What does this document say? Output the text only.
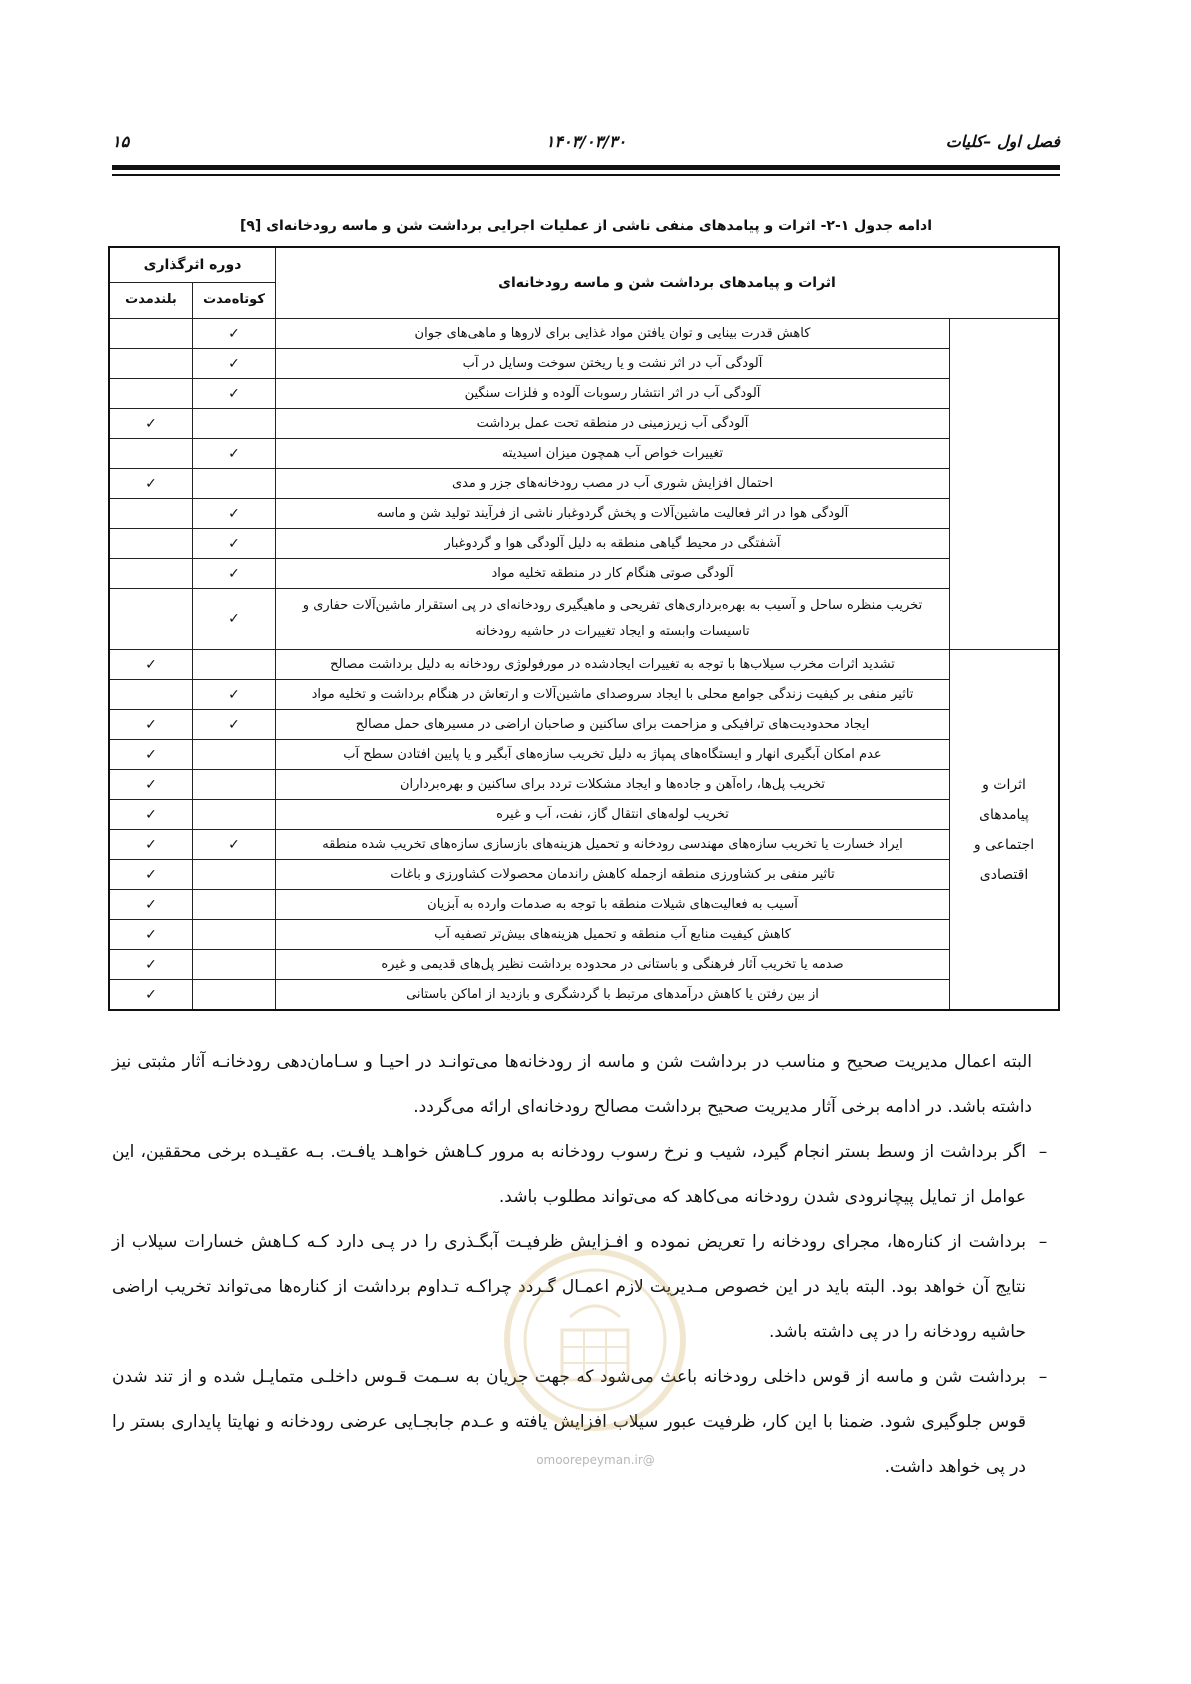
فصل اول –کلیات
۱۴۰۳/۰۳/۳۰
۱۵
ادامه جدول ۱-۲- اثرات و پیامدهای منفی ناشی از عملیات اجرایی برداشت شن و ماسه رودخانه‌ای [۹]
اثرات و پیامدهای برداشت شن و ماسه رودخانه‌ای		دوره اثرگذاری	
		کوتاه‌مدت	بلندمدت
	کاهش قدرت بینایی و توان یافتن مواد غذایی برای لاروها و ماهی‌های جوان	✓	
	آلودگی آب در اثر نشت و یا ریختن سوخت وسایل در آب	✓	
	آلودگی آب در اثر انتشار رسوبات آلوده و فلزات سنگین	✓	
	آلودگی آب زیرزمینی در منطقه تحت عمل برداشت		✓
	تغییرات خواص آب همچون میزان اسیدیته	✓	
	احتمال افزایش شوری آب در مصب رودخانه‌های جزر و مدی		✓
	آلودگی هوا در اثر فعالیت ماشین‌آلات و پخش گردوغبار ناشی از فرآیند تولید شن و ماسه	✓	
	آشفتگی در محیط گیاهی منطقه به دلیل آلودگی هوا و گردوغبار	✓	
	آلودگی صوتی هنگام کار در منطقه تخلیه مواد	✓	
	تخریب منظره ساحل و آسیب به بهره‌برداری‌های تفریحی و ماهیگیری رودخانه‌ای در پی استقرار ماشین‌آلات حفاری و تاسیسات وابسته و ایجاد تغییرات در حاشیه رودخانه	✓	
اثرات و پیامدهای اجتماعی و اقتصادی	تشدید اثرات مخرب سیلاب‌ها با توجه به تغییرات ایجادشده در مورفولوژی رودخانه به دلیل برداشت مصالح		✓
	تاثیر منفی بر کیفیت زندگی جوامع محلی با ایجاد سروصدای ماشین‌آلات و ارتعاش در هنگام برداشت و تخلیه مواد	✓	
	ایجاد محدودیت‌های ترافیکی و مزاحمت برای ساکنین و صاحبان اراضی در مسیرهای حمل مصالح	✓	✓
	عدم امکان آبگیری انهار و ایستگاه‌های پمپاژ به دلیل تخریب سازه‌های آبگیر و یا پایین افتادن سطح آب		✓
	تخریب پل‌ها، راه‌آهن و جاده‌ها و ایجاد مشکلات تردد برای ساکنین و بهره‌برداران		✓
	تخریب لوله‌های انتقال گاز، نفت، آب و غیره		✓
	ایراد خسارت یا تخریب سازه‌های مهندسی رودخانه و تحمیل هزینه‌های بازسازی سازه‌های تخریب شده منطقه	✓	✓
	تاثیر منفی بر کشاورزی منطقه ازجمله کاهش راندمان محصولات کشاورزی و باغات		✓
	آسیب به فعالیت‌های شیلات منطقه با توجه به صدمات وارده به آبزیان		✓
	کاهش کیفیت منابع آب منطقه و تحمیل هزینه‌های بیش‌تر تصفیه آب		✓
	صدمه یا تخریب آثار فرهنگی و باستانی در محدوده برداشت نظیر پل‌های قدیمی و غیره		✓
	از بین رفتن یا کاهش درآمدهای مرتبط با گردشگری و بازدید از اماکن باستانی		✓

البته اعمال مدیریت صحیح و مناسب در برداشت شن و ماسه از رودخانه‌ها می‌توانـد در احیـا و سـامان‌دهی رودخانـه آثار مثبتی نیز داشته باشد. در ادامه برخی آثار مدیریت صحیح برداشت مصالح رودخانه‌ای ارائه می‌گردد.

–
اگر برداشت از وسط بستر انجام گیرد، شیب و نرخ رسوب رودخانه به مرور کـاهش خواهـد یافـت. بـه عقیـده برخی محققین، این عوامل از تمایل پیچانرودی شدن رودخانه می‌کاهد که می‌تواند مطلوب باشد.
–
برداشت از کناره‌ها، مجرای رودخانه را تعریض نموده و افـزایش ظرفیـت آبگـذری را در پـی دارد کـه کـاهش خسارات سیلاب از نتایج آن خواهد بود. البته باید در این خصوص مـدیریت لازم اعمـال گـردد چراکـه تـداوم برداشت از کناره‌ها می‌تواند تخریب اراضی حاشیه رودخانه را در پی داشته باشد.
–
برداشت شن و ماسه از قوس داخلی رودخانه باعث می‌شود که جهت جریان به سـمت قـوس داخلـی متمایـل شده و از تند شدن قوس جلوگیری شود. ضمنا با این کار، ظرفیت عبور سیلاب افزایش یافته و عـدم جابجـایی عرضی رودخانه و نهایتا پایداری بستر را در پی خواهد داشت.
@omoorepeyman.ir
